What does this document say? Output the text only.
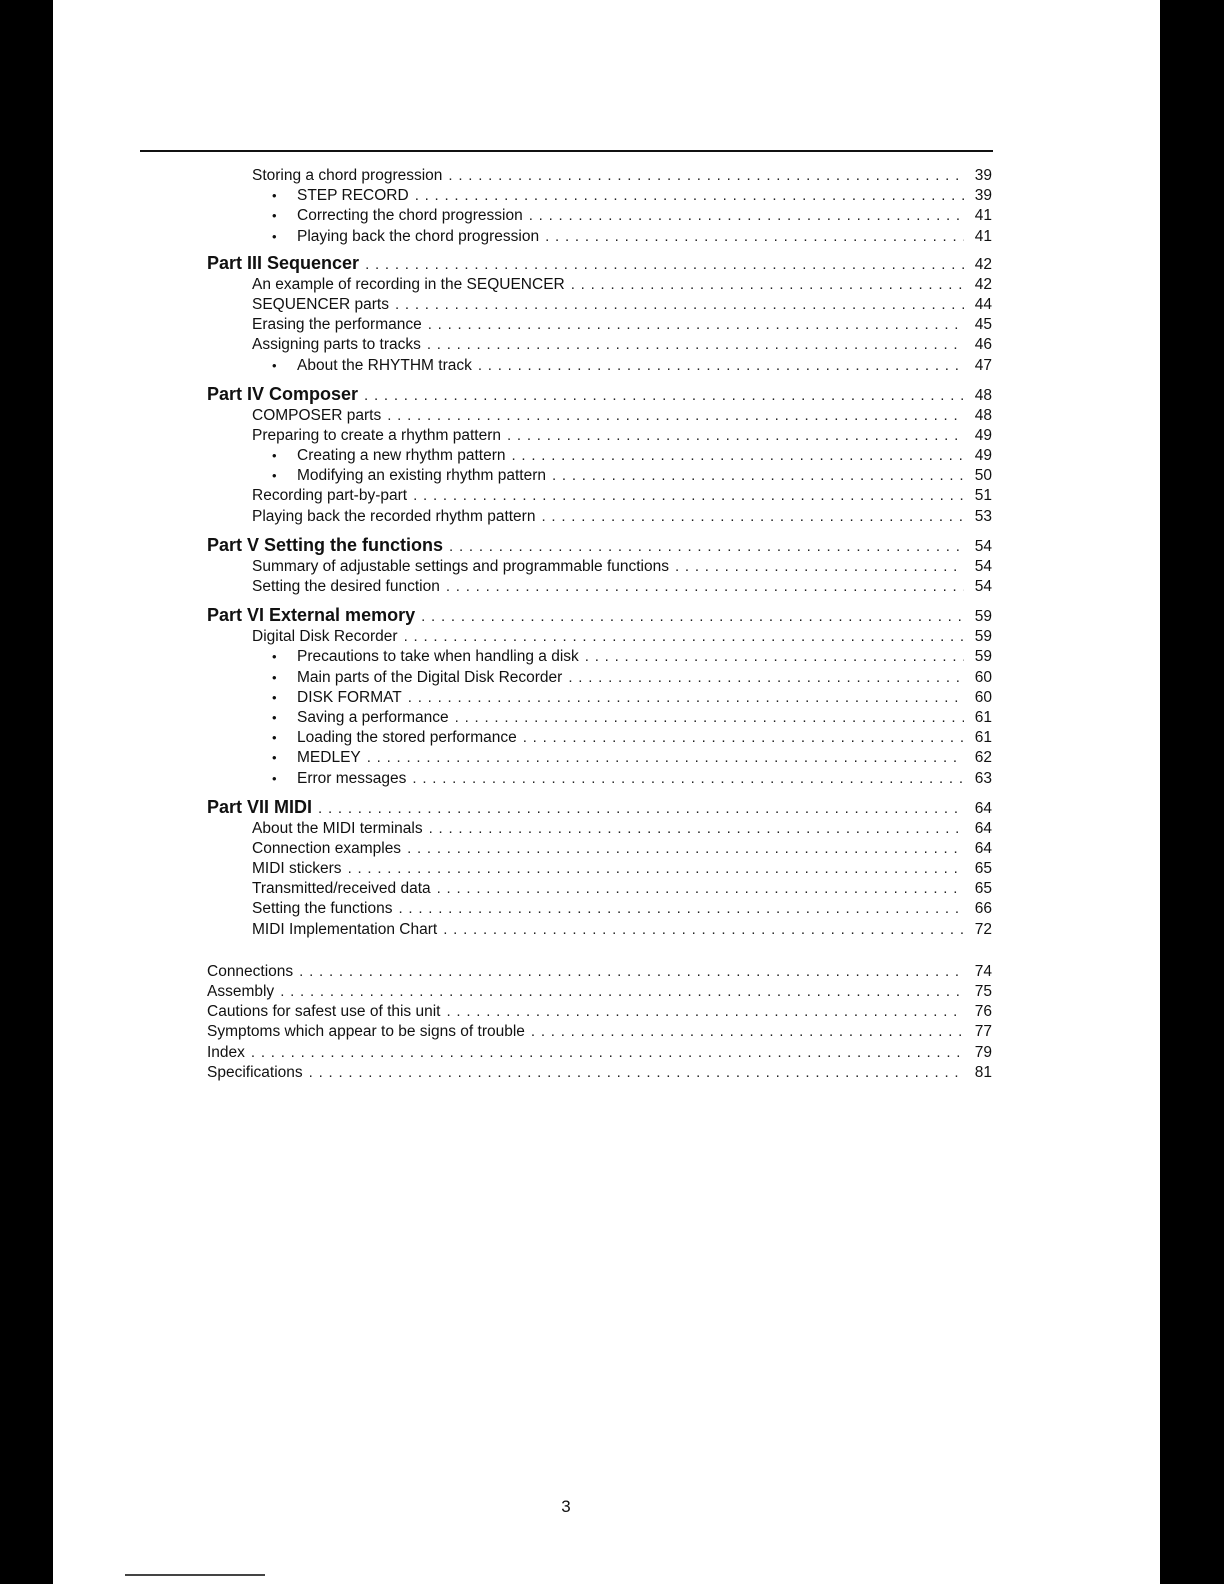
Storing a chord progression . . .	39
•	STEP RECORD . . .	39
•	Correcting the chord progression . . .	41
•	Playing back the chord progression . . .	41
Part III Sequencer . . .	42
An example of recording in the SEQUENCER . . .	42
SEQUENCER parts . . .	44
Erasing the performance . . .	45
Assigning parts to tracks . . .	46
•	About the RHYTHM track . . .	47
Part IV Composer . . .	48
COMPOSER parts . . .	48
Preparing to create a rhythm pattern . . .	49
•	Creating a new rhythm pattern . . .	49
•	Modifying an existing rhythm pattern . . .	50
Recording part-by-part . . .	51
Playing back the recorded rhythm pattern . . .	53
Part V Setting the functions . . .	54
Summary of adjustable settings and programmable functions . . .	54
Setting the desired function . . .	54
Part VI External memory . . .	59
Digital Disk Recorder . . .	59
•	Precautions to take when handling a disk . . .	59
•	Main parts of the Digital Disk Recorder . . .	60
•	DISK FORMAT . . .	60
•	Saving a performance . . .	61
•	Loading the stored performance . . .	61
•	MEDLEY . . .	62
•	Error messages . . .	63
Part VII MIDI . . .	64
About the MIDI terminals . . .	64
Connection examples . . .	64
MIDI stickers . . .	65
Transmitted/received data . . .	65
Setting the functions . . .	66
MIDI Implementation Chart . . .	72
Connections . . .	74
Assembly . . .	75
Cautions for safest use of this unit . . .	76
Symptoms which appear to be signs of trouble . . .	77
Index . . .	79
Specifications . . .	81
3
